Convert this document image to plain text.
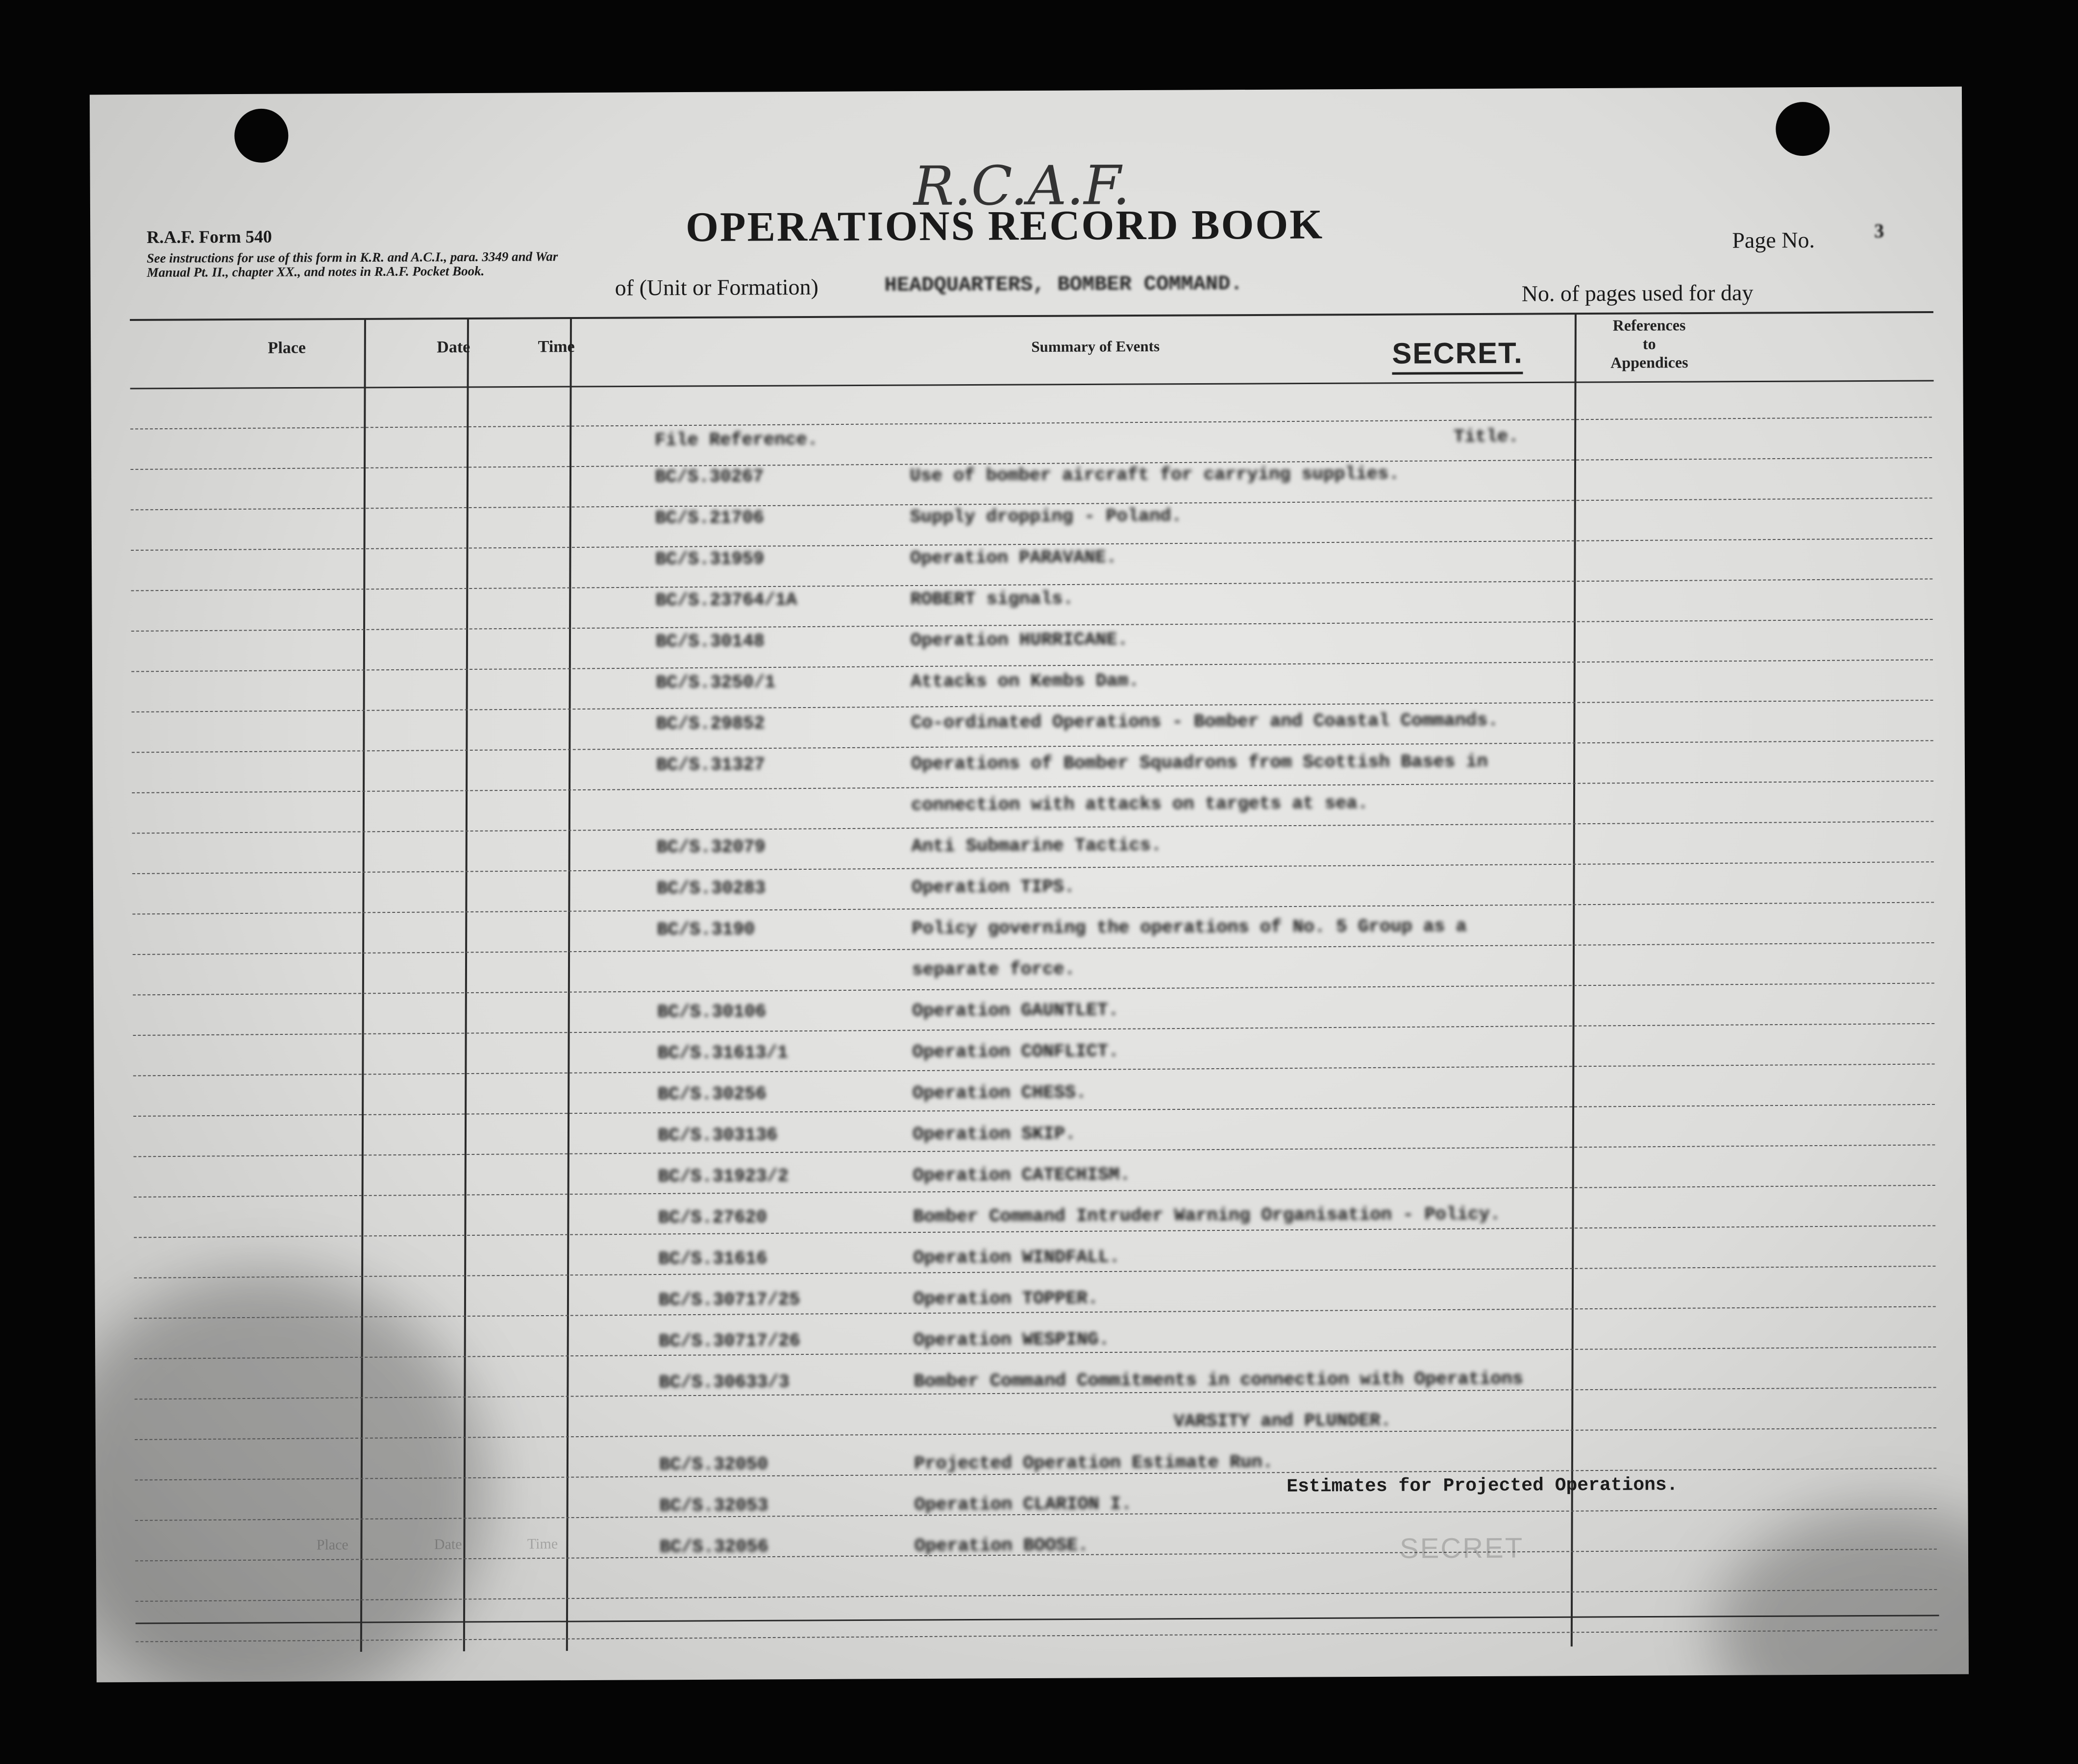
R.C.A.F.
R.A.F. Form 540
See instructions for use of this form in K.R. and A.C.I., para. 3349 and War Manual Pt. II., chapter XX., and notes in R.A.F. Pocket Book.
OPERATIONS RECORD BOOK
of (Unit or Formation)	HEADQUARTERS, BOMBER COMMAND.
Page No.	3
No. of pages used for day
Place	Date	Time	Summary of Events
References
to
Appendices
SECRET.
SECRET
Place	Date	Time
File Reference.	Title.
BC/S.30267	Use of bomber aircraft for carrying supplies.
BC/S.21706	Supply dropping - Poland.
BC/S.31959	Operation PARAVANE.
BC/S.23764/1A	ROBERT signals.
BC/S.30148	Operation HURRICANE.
BC/S.3250/1	Attacks on Kembs Dam.
BC/S.29852	Co-ordinated Operations - Bomber and Coastal Commands.
BC/S.31327	Operations of Bomber Squadrons from Scottish Bases in
connection with attacks on targets at sea.
BC/S.32079	Anti Submarine Tactics.
BC/S.30283	Operation TIPS.
BC/S.3190	Policy governing the operations of No. 5 Group as a
separate force.
BC/S.30106	Operation GAUNTLET.
BC/S.31613/1	Operation CONFLICT.
BC/S.30256	Operation CHESS.
BC/S.303136	Operation SKIP.
BC/S.31923/2	Operation CATECHISM.
BC/S.27620	Bomber Command Intruder Warning Organisation - Policy.
BC/S.31616	Operation WINDFALL.
BC/S.30717/25	Operation TOPPER.
BC/S.30717/26	Operation WESPING.
BC/S.30633/3	Bomber Command Commitments in connection with Operations
VARSITY and PLUNDER.
BC/S.32050	Projected Operation Estimate Run.
BC/S.32053	Operation CLARION I.
BC/S.32056	Operation BOOSE.
Estimates for Projected Operations.
